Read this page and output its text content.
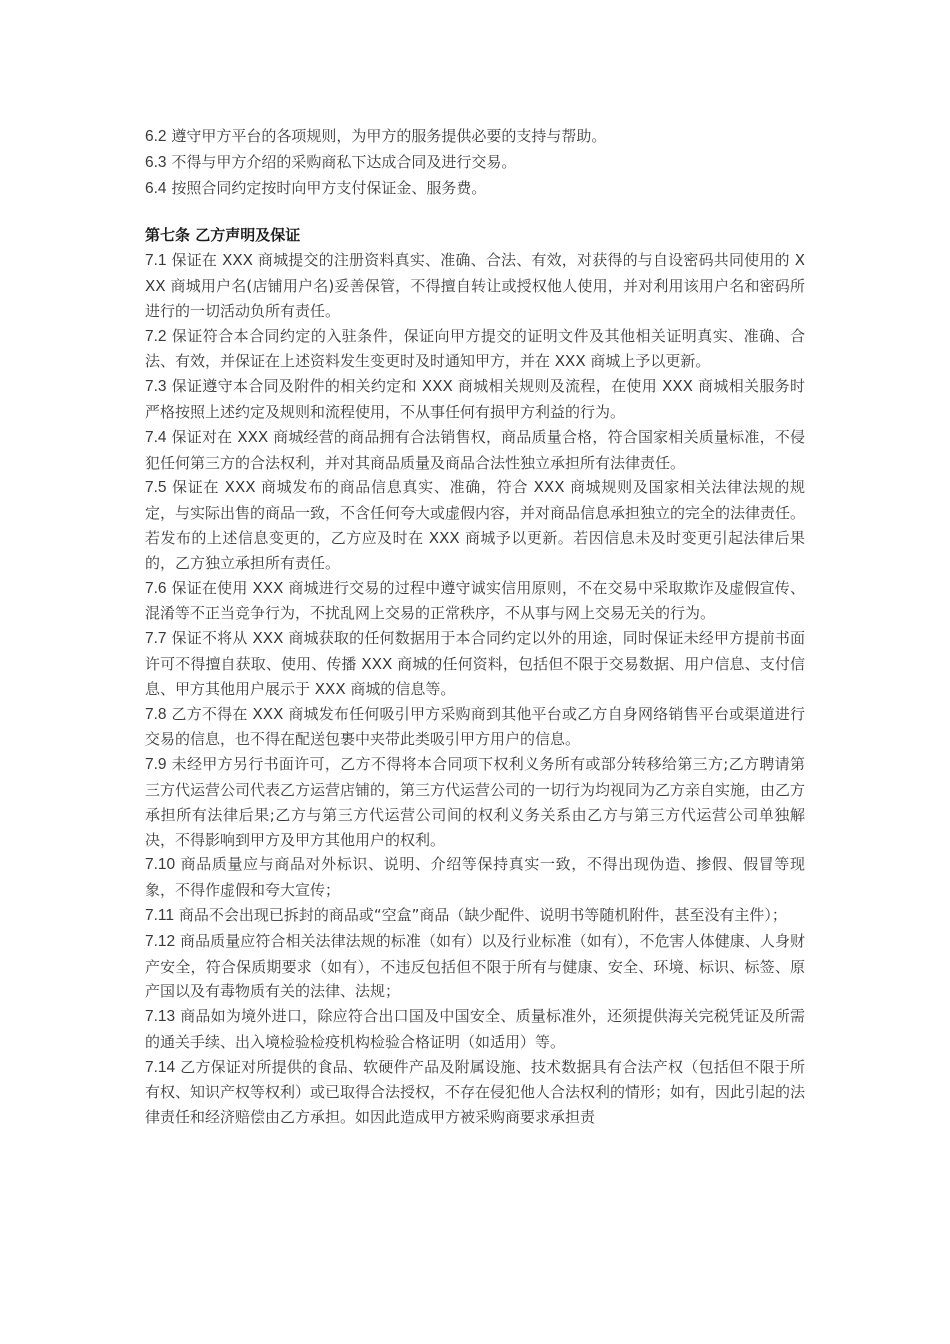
6.2 遵守甲方平台的各项规则，为甲方的服务提供必要的支持与帮助。

6.3 不得与甲方介绍的采购商私下达成合同及进行交易。

6.4 按照合同约定按时向甲方支付保证金、服务费。

第七条 乙方声明及保证

7.1 保证在 XXX 商城提交的注册资料真实、准确、合法、有效，对获得的与自设密码共同使用的 XXX 商城用户名(店铺用户名)妥善保管，不得擅自转让或授权他人使用，并对利用该用户名和密码所进行的一切活动负所有责任。

7.2 保证符合本合同约定的入驻条件，保证向甲方提交的证明文件及其他相关证明真实、准确、合法、有效，并保证在上述资料发生变更时及时通知甲方，并在 XXX 商城上予以更新。

7.3 保证遵守本合同及附件的相关约定和 XXX 商城相关规则及流程，在使用 XXX 商城相关服务时严格按照上述约定及规则和流程使用，不从事任何有损甲方利益的行为。

7.4 保证对在 XXX 商城经营的商品拥有合法销售权，商品质量合格，符合国家相关质量标准，不侵犯任何第三方的合法权利，并对其商品质量及商品合法性独立承担所有法律责任。

7.5 保证在 XXX 商城发布的商品信息真实、准确，符合 XXX 商城规则及国家相关法律法规的规定，与实际出售的商品一致，不含任何夸大或虚假内容，并对商品信息承担独立的完全的法律责任。若发布的上述信息变更的，乙方应及时在 XXX 商城予以更新。若因信息未及时变更引起法律后果的，乙方独立承担所有责任。

7.6 保证在使用 XXX 商城进行交易的过程中遵守诚实信用原则，不在交易中采取欺诈及虚假宣传、混淆等不正当竞争行为，不扰乱网上交易的正常秩序，不从事与网上交易无关的行为。

7.7 保证不将从 XXX 商城获取的任何数据用于本合同约定以外的用途，同时保证未经甲方提前书面许可不得擅自获取、使用、传播 XXX 商城的任何资料，包括但不限于交易数据、用户信息、支付信息、甲方其他用户展示于 XXX 商城的信息等。

7.8 乙方不得在 XXX 商城发布任何吸引甲方采购商到其他平台或乙方自身网络销售平台或渠道进行交易的信息，也不得在配送包裹中夹带此类吸引甲方用户的信息。

7.9 未经甲方另行书面许可，乙方不得将本合同项下权利义务所有或部分转移给第三方;乙方聘请第三方代运营公司代表乙方运营店铺的，第三方代运营公司的一切行为均视同为乙方亲自实施，由乙方承担所有法律后果;乙方与第三方代运营公司间的权利义务关系由乙方与第三方代运营公司单独解决，不得影响到甲方及甲方其他用户的权利。

7.10 商品质量应与商品对外标识、说明、介绍等保持真实一致，不得出现伪造、掺假、假冒等现象，不得作虚假和夸大宣传；

7.11 商品不会出现已拆封的商品或“空盒”商品（缺少配件、说明书等随机附件，甚至没有主件）；

7.12 商品质量应符合相关法律法规的标准（如有）以及行业标准（如有），不危害人体健康、人身财产安全，符合保质期要求（如有），不违反包括但不限于所有与健康、安全、环境、标识、标签、原产国以及有毒物质有关的法律、法规；

7.13 商品如为境外进口，除应符合出口国及中国安全、质量标准外，还须提供海关完税凭证及所需的通关手续、出入境检验检疫机构检验合格证明（如适用）等。

7.14 乙方保证对所提供的食品、软硬件产品及附属设施、技术数据具有合法产权（包括但不限于所有权、知识产权等权利）或已取得合法授权，不存在侵犯他人合法权利的情形；如有，因此引起的法律责任和经济赔偿由乙方承担。如因此造成甲方被采购商要求承担责
